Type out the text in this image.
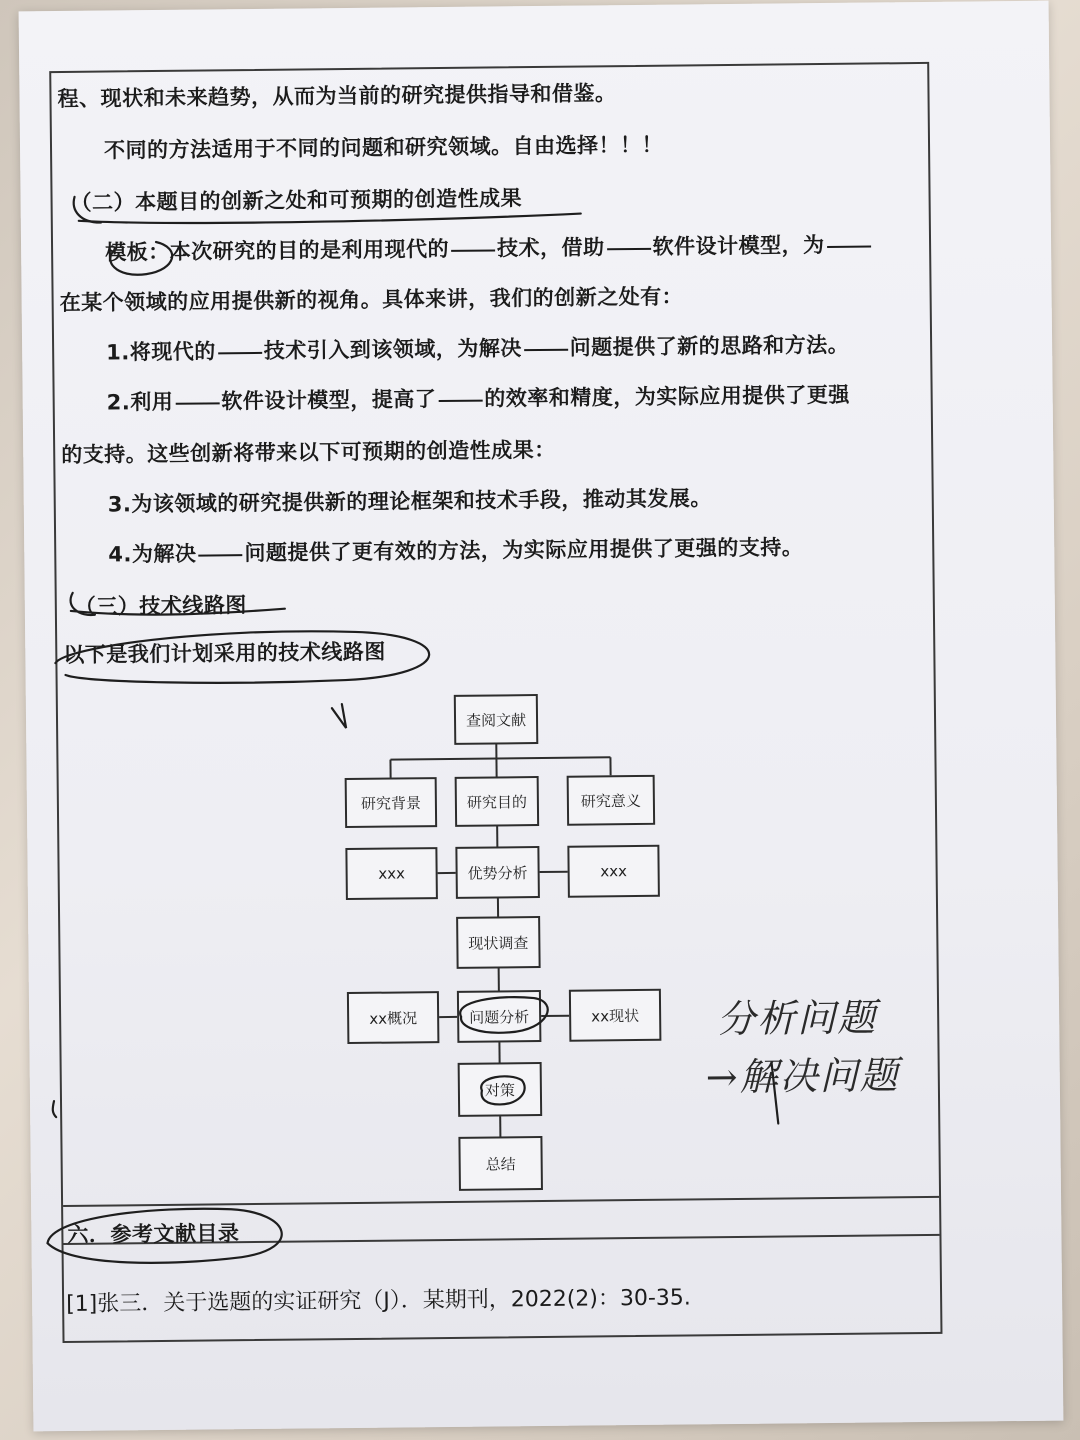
程、现状和未来趋势，从而为当前的研究提供指导和借鉴。
不同的方法适用于不同的问题和研究领域。自由选择！！！
（二）本题目的创新之处和可预期的创造性成果
模板：本次研究的目的是利用现代的 技术，借助 软件设计模型，为
在某个领域的应用提供新的视角。具体来讲，我们的创新之处有：
1.将现代的 技术引入到该领域，为解决 问题提供了新的思路和方法。
2.利用 软件设计模型，提高了 的效率和精度，为实际应用提供了更强
的支持。这些创新将带来以下可预期的创造性成果：
3.为该领域的研究提供新的理论框架和技术手段，推动其发展。
4.为解决 问题提供了更有效的方法，为实际应用提供了更强的支持。
（三）技术线路图
以下是我们计划采用的技术线路图
查阅文献
研究背景	研究目的	研究意义
xxx	优势分析	xxx
现状调查
xx概况	问题分析	xx现状
对策
总结
分析问题
→解决问题
六．参考文献目录
[1]张三．关于选题的实证研究（J）．某期刊，2022(2)：30-35.
